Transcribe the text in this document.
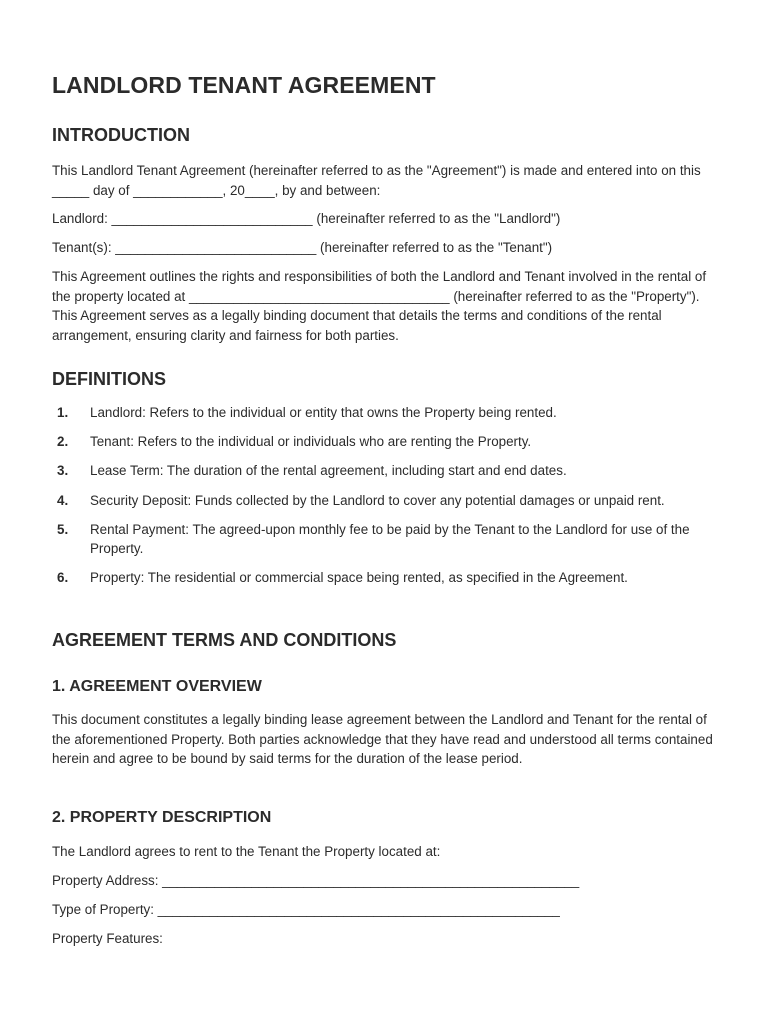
LANDLORD TENANT AGREEMENT
INTRODUCTION

This Landlord Tenant Agreement (hereinafter referred to as the "Agreement") is made and entered into on this _____ day of ____________, 20____, by and between:

Landlord: ___________________________ (hereinafter referred to as the "Landlord")

Tenant(s): ___________________________ (hereinafter referred to as the "Tenant")

This Agreement outlines the rights and responsibilities of both the Landlord and Tenant involved in the rental of the property located at ___________________________________ (hereinafter referred to as the "Property"). This Agreement serves as a legally binding document that details the terms and conditions of the rental arrangement, ensuring clarity and fairness for both parties.

DEFINITIONS
1. Landlord: Refers to the individual or entity that owns the Property being rented.
2. Tenant: Refers to the individual or individuals who are renting the Property.
3. Lease Term: The duration of the rental agreement, including start and end dates.
4. Security Deposit: Funds collected by the Landlord to cover any potential damages or unpaid rent.
5. Rental Payment: The agreed-upon monthly fee to be paid by the Tenant to the Landlord for use of the Property.
6. Property: The residential or commercial space being rented, as specified in the Agreement.
AGREEMENT TERMS AND CONDITIONS
1. AGREEMENT OVERVIEW

This document constitutes a legally binding lease agreement between the Landlord and Tenant for the rental of the aforementioned Property. Both parties acknowledge that they have read and understood all terms contained herein and agree to be bound by said terms for the duration of the lease period.

2. PROPERTY DESCRIPTION

The Landlord agrees to rent to the Tenant the Property located at:

Property Address: ________________________________________________________

Type of Property: ______________________________________________________

Property Features:
